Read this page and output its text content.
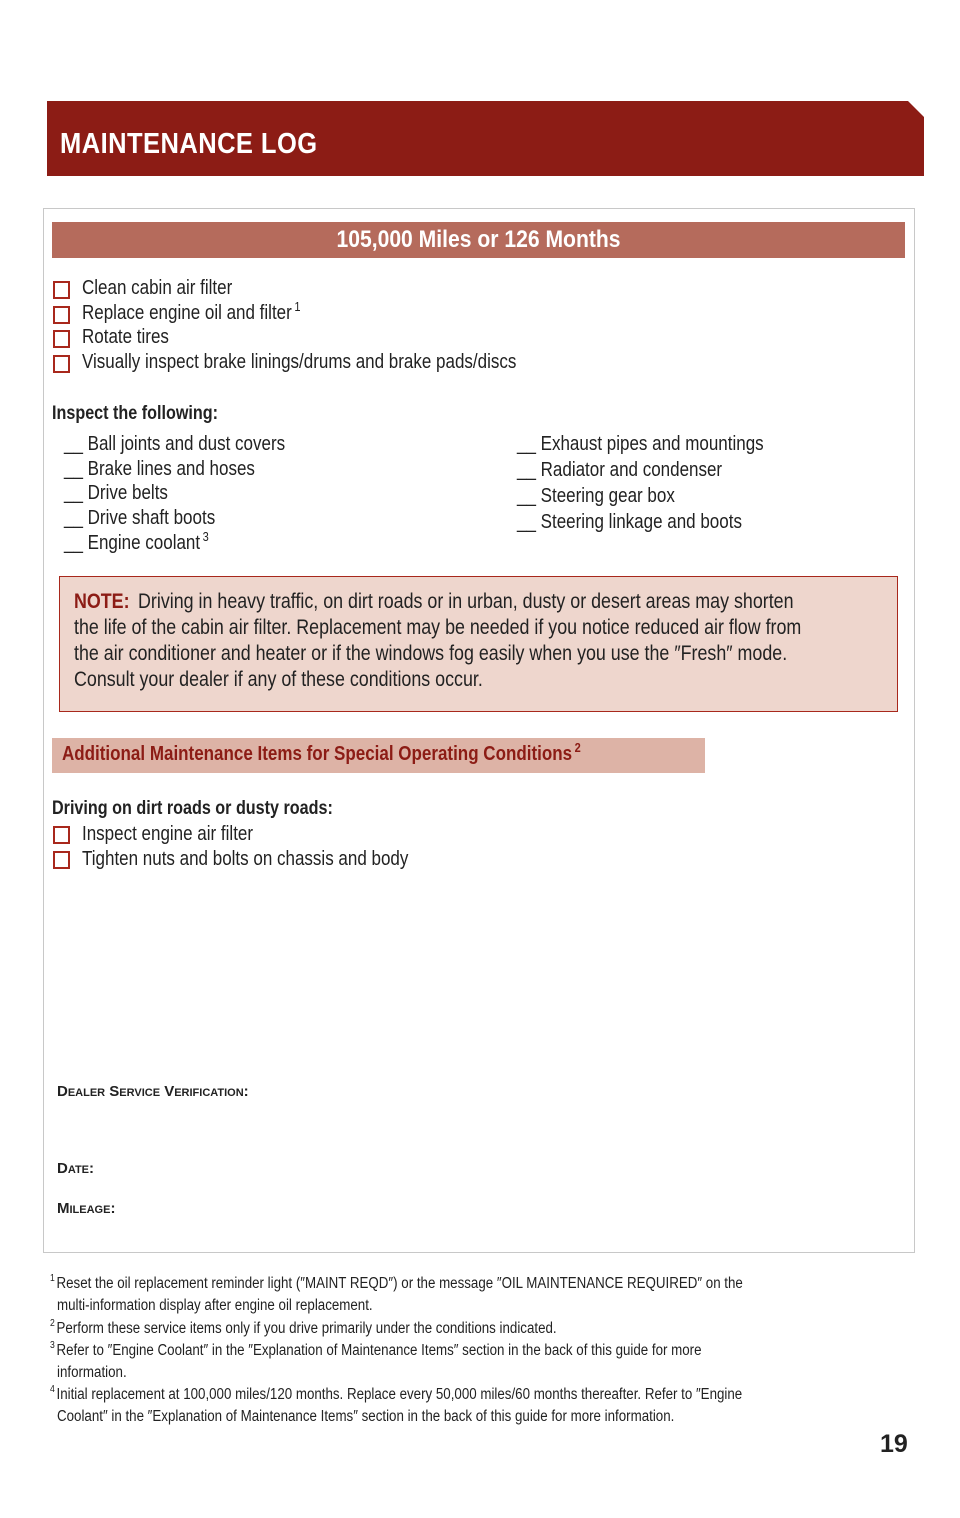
MAINTENANCE LOG
105,000 Miles or 126 Months
Clean cabin air filter
Replace engine oil and filter $^1$
Rotate tires
Visually inspect brake linings/drums and brake pads/discs
Inspect the following:
__ Ball joints and dust covers
__ Brake lines and hoses
__ Drive belts
__ Drive shaft boots
__ Engine coolant $^3$
__ Exhaust pipes and mountings
__ Radiator and condenser
__ Steering gear box
__ Steering linkage and boots
NOTE: Driving in heavy traffic, on dirt roads or in urban, dusty or desert areas may shorten
the life of the cabin air filter. Replacement may be needed if you notice reduced air flow from
the air conditioner and heater or if the windows fog easily when you use the ″Fresh″ mode.
Consult your dealer if any of these conditions occur.
Additional Maintenance Items for Special Operating Conditions $^2$
Driving on dirt roads or dusty roads:
Inspect engine air filter
Tighten nuts and bolts on chassis and body
Dealer Service Verification:
Date:
Mileage:
$^1$ Reset the oil replacement reminder light (″MAINT REQD″) or the message ″OIL MAINTENANCE REQUIRED″ on the
multi-information display after engine oil replacement.
$^2$ Perform these service items only if you drive primarily under the conditions indicated.
$^3$ Refer to ″Engine Coolant″ in the ″Explanation of Maintenance Items″ section in the back of this guide for more
information.
$^4$ Initial replacement at 100,000 miles/120 months. Replace every 50,000 miles/60 months thereafter. Refer to ″Engine
Coolant″ in the ″Explanation of Maintenance Items″ section in the back of this guide for more information.
19
